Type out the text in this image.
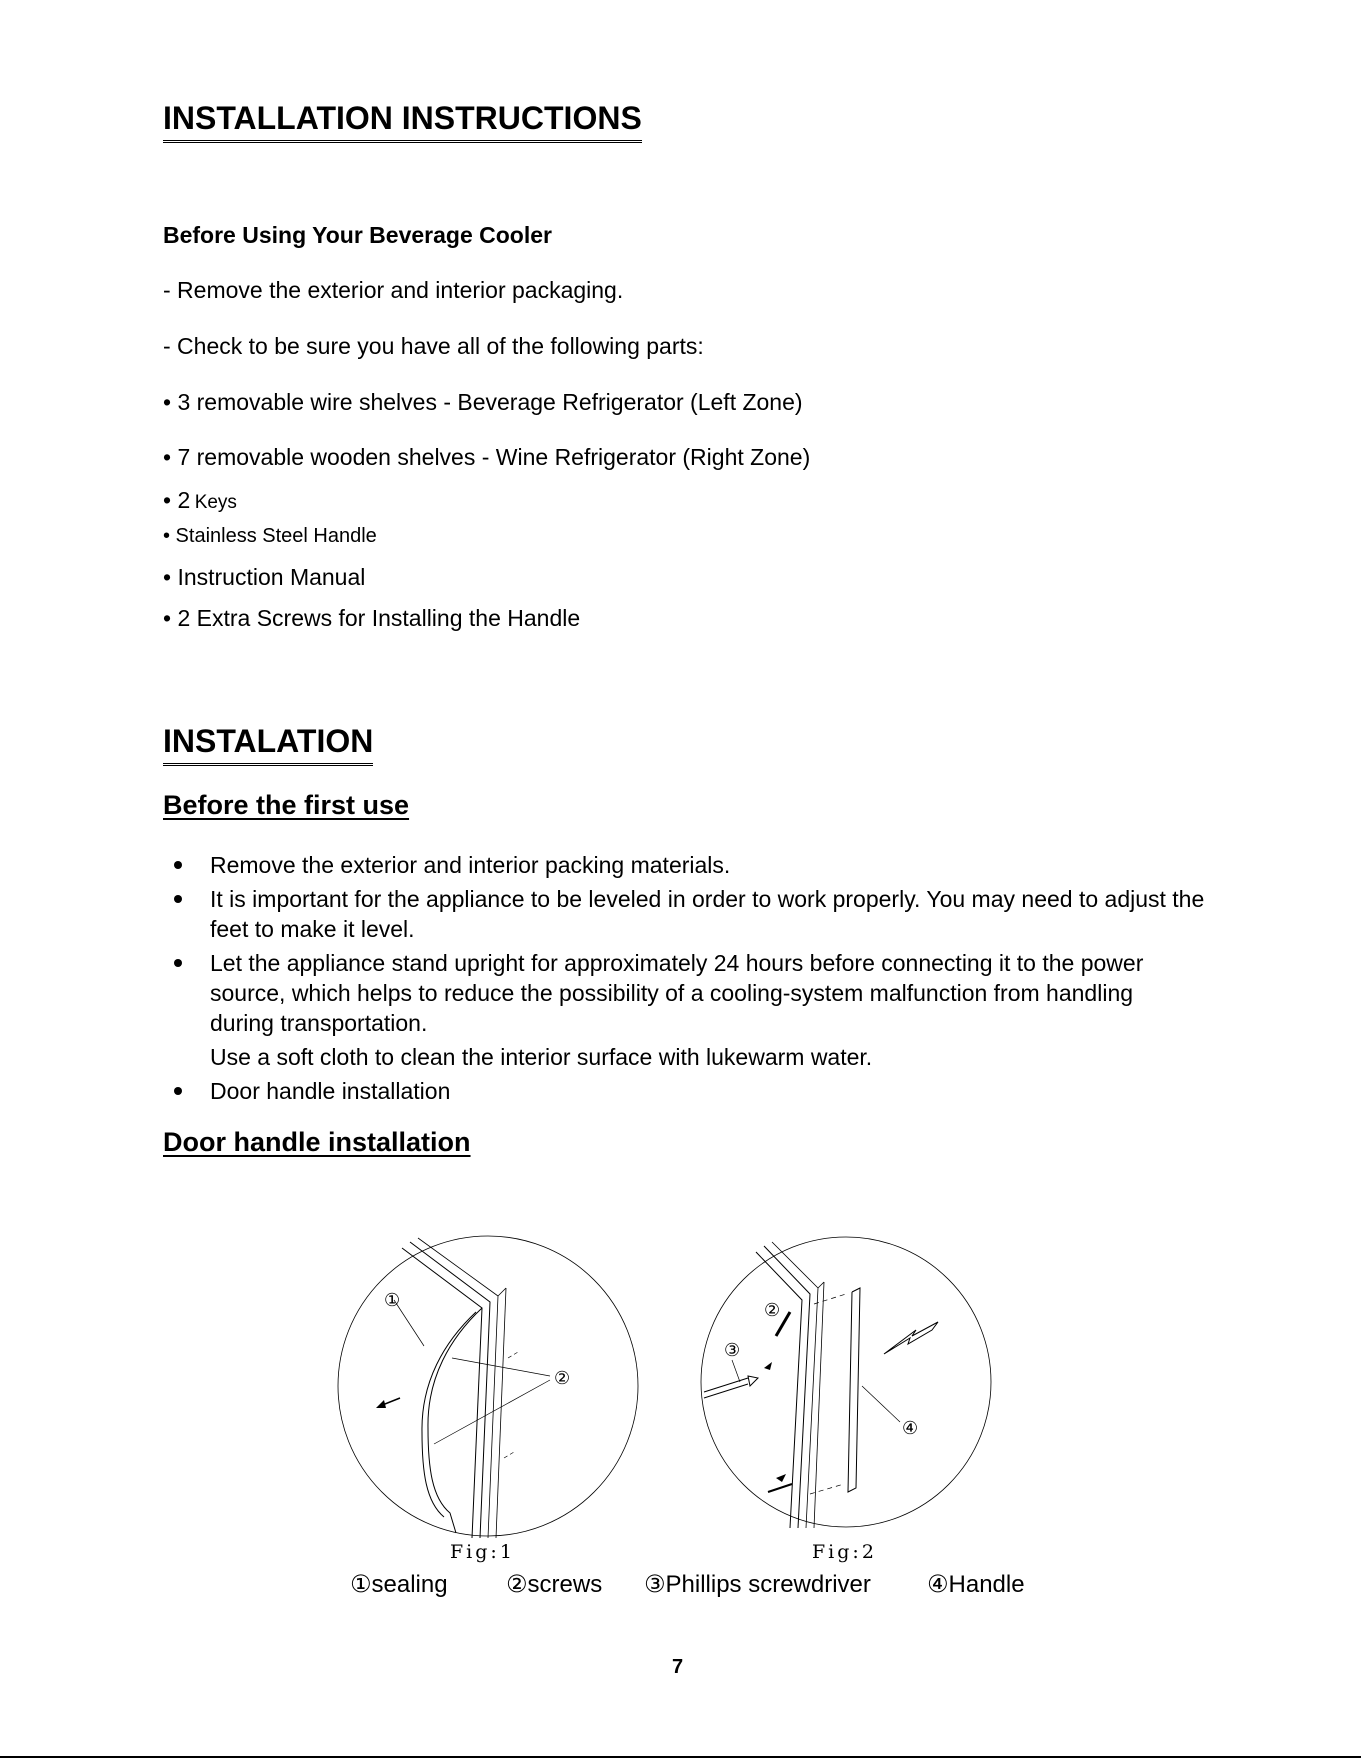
INSTALLATION INSTRUCTIONS
Before Using Your Beverage Cooler
- Remove the exterior and interior packaging.
- Check to be sure you have all of the following parts:
• 3 removable wire shelves - Beverage Refrigerator (Left Zone)
• 7 removable wooden shelves - Wine Refrigerator (Right Zone)
• 2 Keys
• Stainless Steel Handle
• Instruction Manual
• 2 Extra Screws for Installing the Handle
INSTALATION
Before the first use
Remove the exterior and interior packing materials.
It is important for the appliance to be leveled in order to work properly. You may need to adjust the feet to make it level.
Let the appliance stand upright for approximately 24 hours before connecting it to the power source, which helps to reduce the possibility of a cooling-system malfunction from handling during transportation.
Use a soft cloth to clean the interior surface with lukewarm water.
Door handle installation
Door handle installation
①
②
②
③
④
Fig:1	Fig:2
①sealing ②screws ③Phillips screwdriver ④Handle
7
